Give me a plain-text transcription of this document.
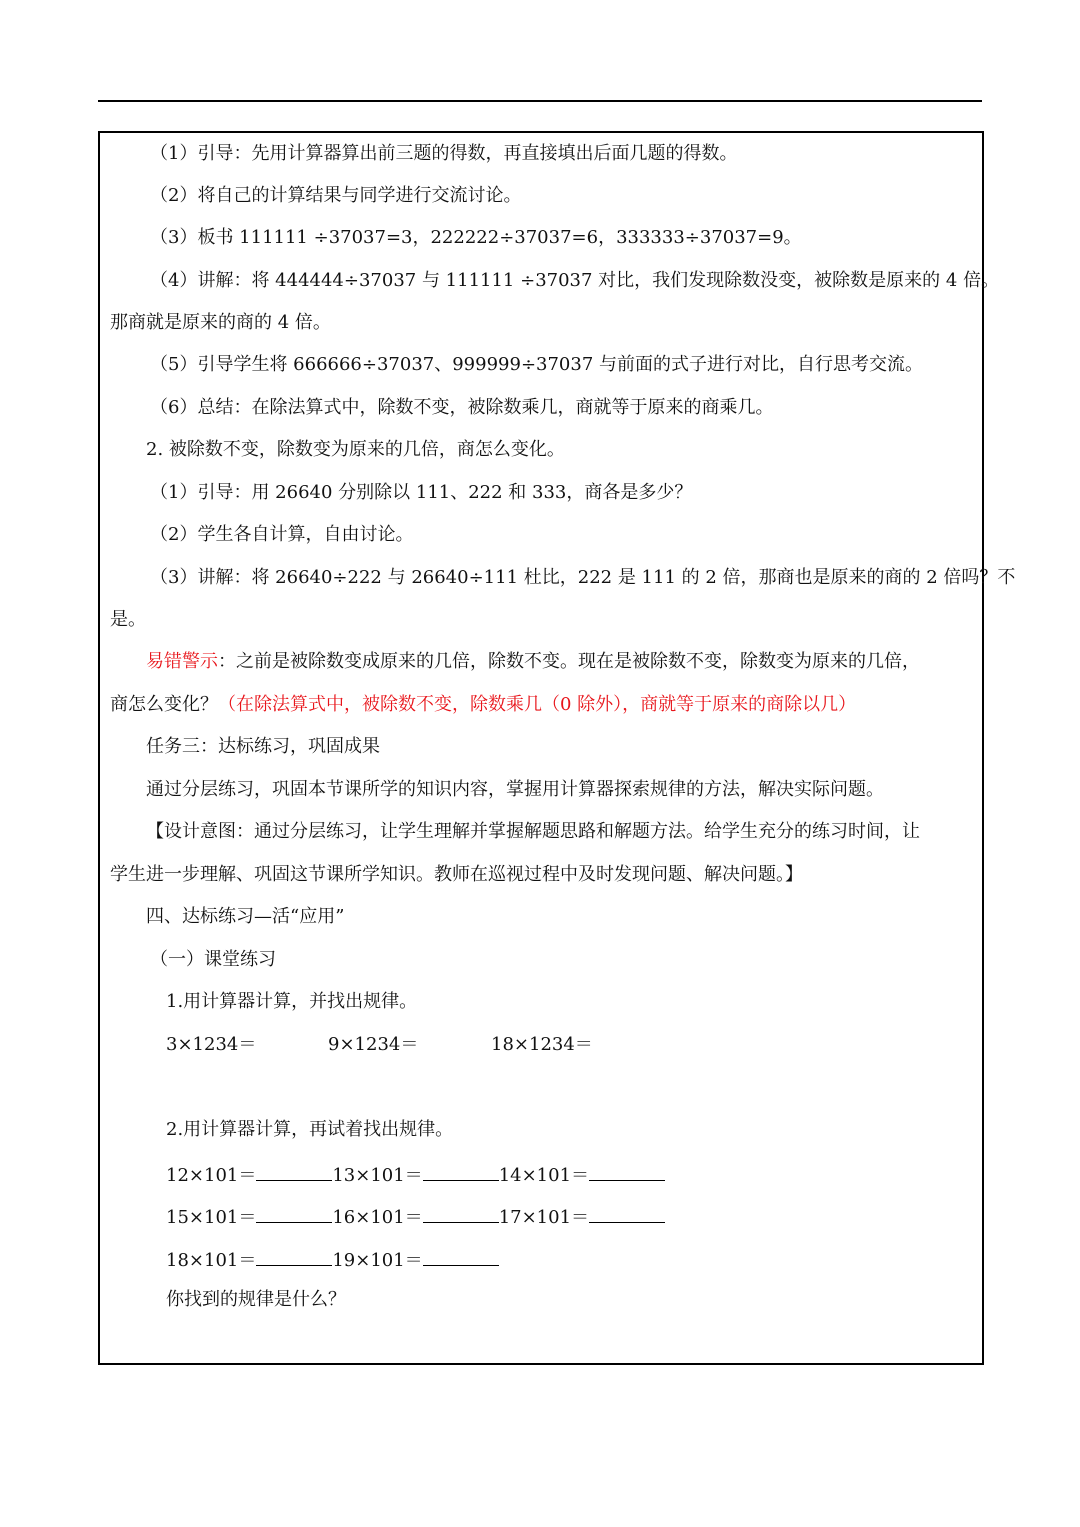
（1）引导：先用计算器算出前三题的得数，再直接填出后面几题的得数。
（2）将自己的计算结果与同学进行交流讨论。
（3）板书 111111 ÷37037=3，222222÷37037=6，333333÷37037=9。
（4）讲解：将 444444÷37037 与 111111 ÷37037 对比，我们发现除数没变，被除数是原来的 4 倍。
那商就是原来的商的 4 倍。
（5）引导学生将 666666÷37037、999999÷37037 与前面的式子进行对比，自行思考交流。
（6）总结：在除法算式中，除数不变，被除数乘几，商就等于原来的商乘几。
2. 被除数不变，除数变为原来的几倍，商怎么变化。
（1）引导：用 26640 分别除以 111、222 和 333，商各是多少？
（2）学生各自计算，自由讨论。
（3）讲解：将 26640÷222 与 26640÷111 杜比，222 是 111 的 2 倍，那商也是原来的商的 2 倍吗？不
是。
易错警示：之前是被除数变成原来的几倍，除数不变。现在是被除数不变，除数变为原来的几倍，
商怎么变化？（在除法算式中，被除数不变，除数乘几（0 除外），商就等于原来的商除以几）
任务三：达标练习，巩固成果
通过分层练习，巩固本节课所学的知识内容，掌握用计算器探索规律的方法，解决实际问题。
【设计意图：通过分层练习，让学生理解并掌握解题思路和解题方法。给学生充分的练习时间，让
学生进一步理解、巩固这节课所学知识。教师在巡视过程中及时发现问题、解决问题。】
四、达标练习—活“应用”
（一）课堂练习
1.用计算器计算，并找出规律。
3×1234＝	9×1234＝	18×1234＝
2.用计算器计算，再试着找出规律。
12×101＝	13×101＝	14×101＝
15×101＝	16×101＝	17×101＝
18×101＝	19×101＝
你找到的规律是什么？
